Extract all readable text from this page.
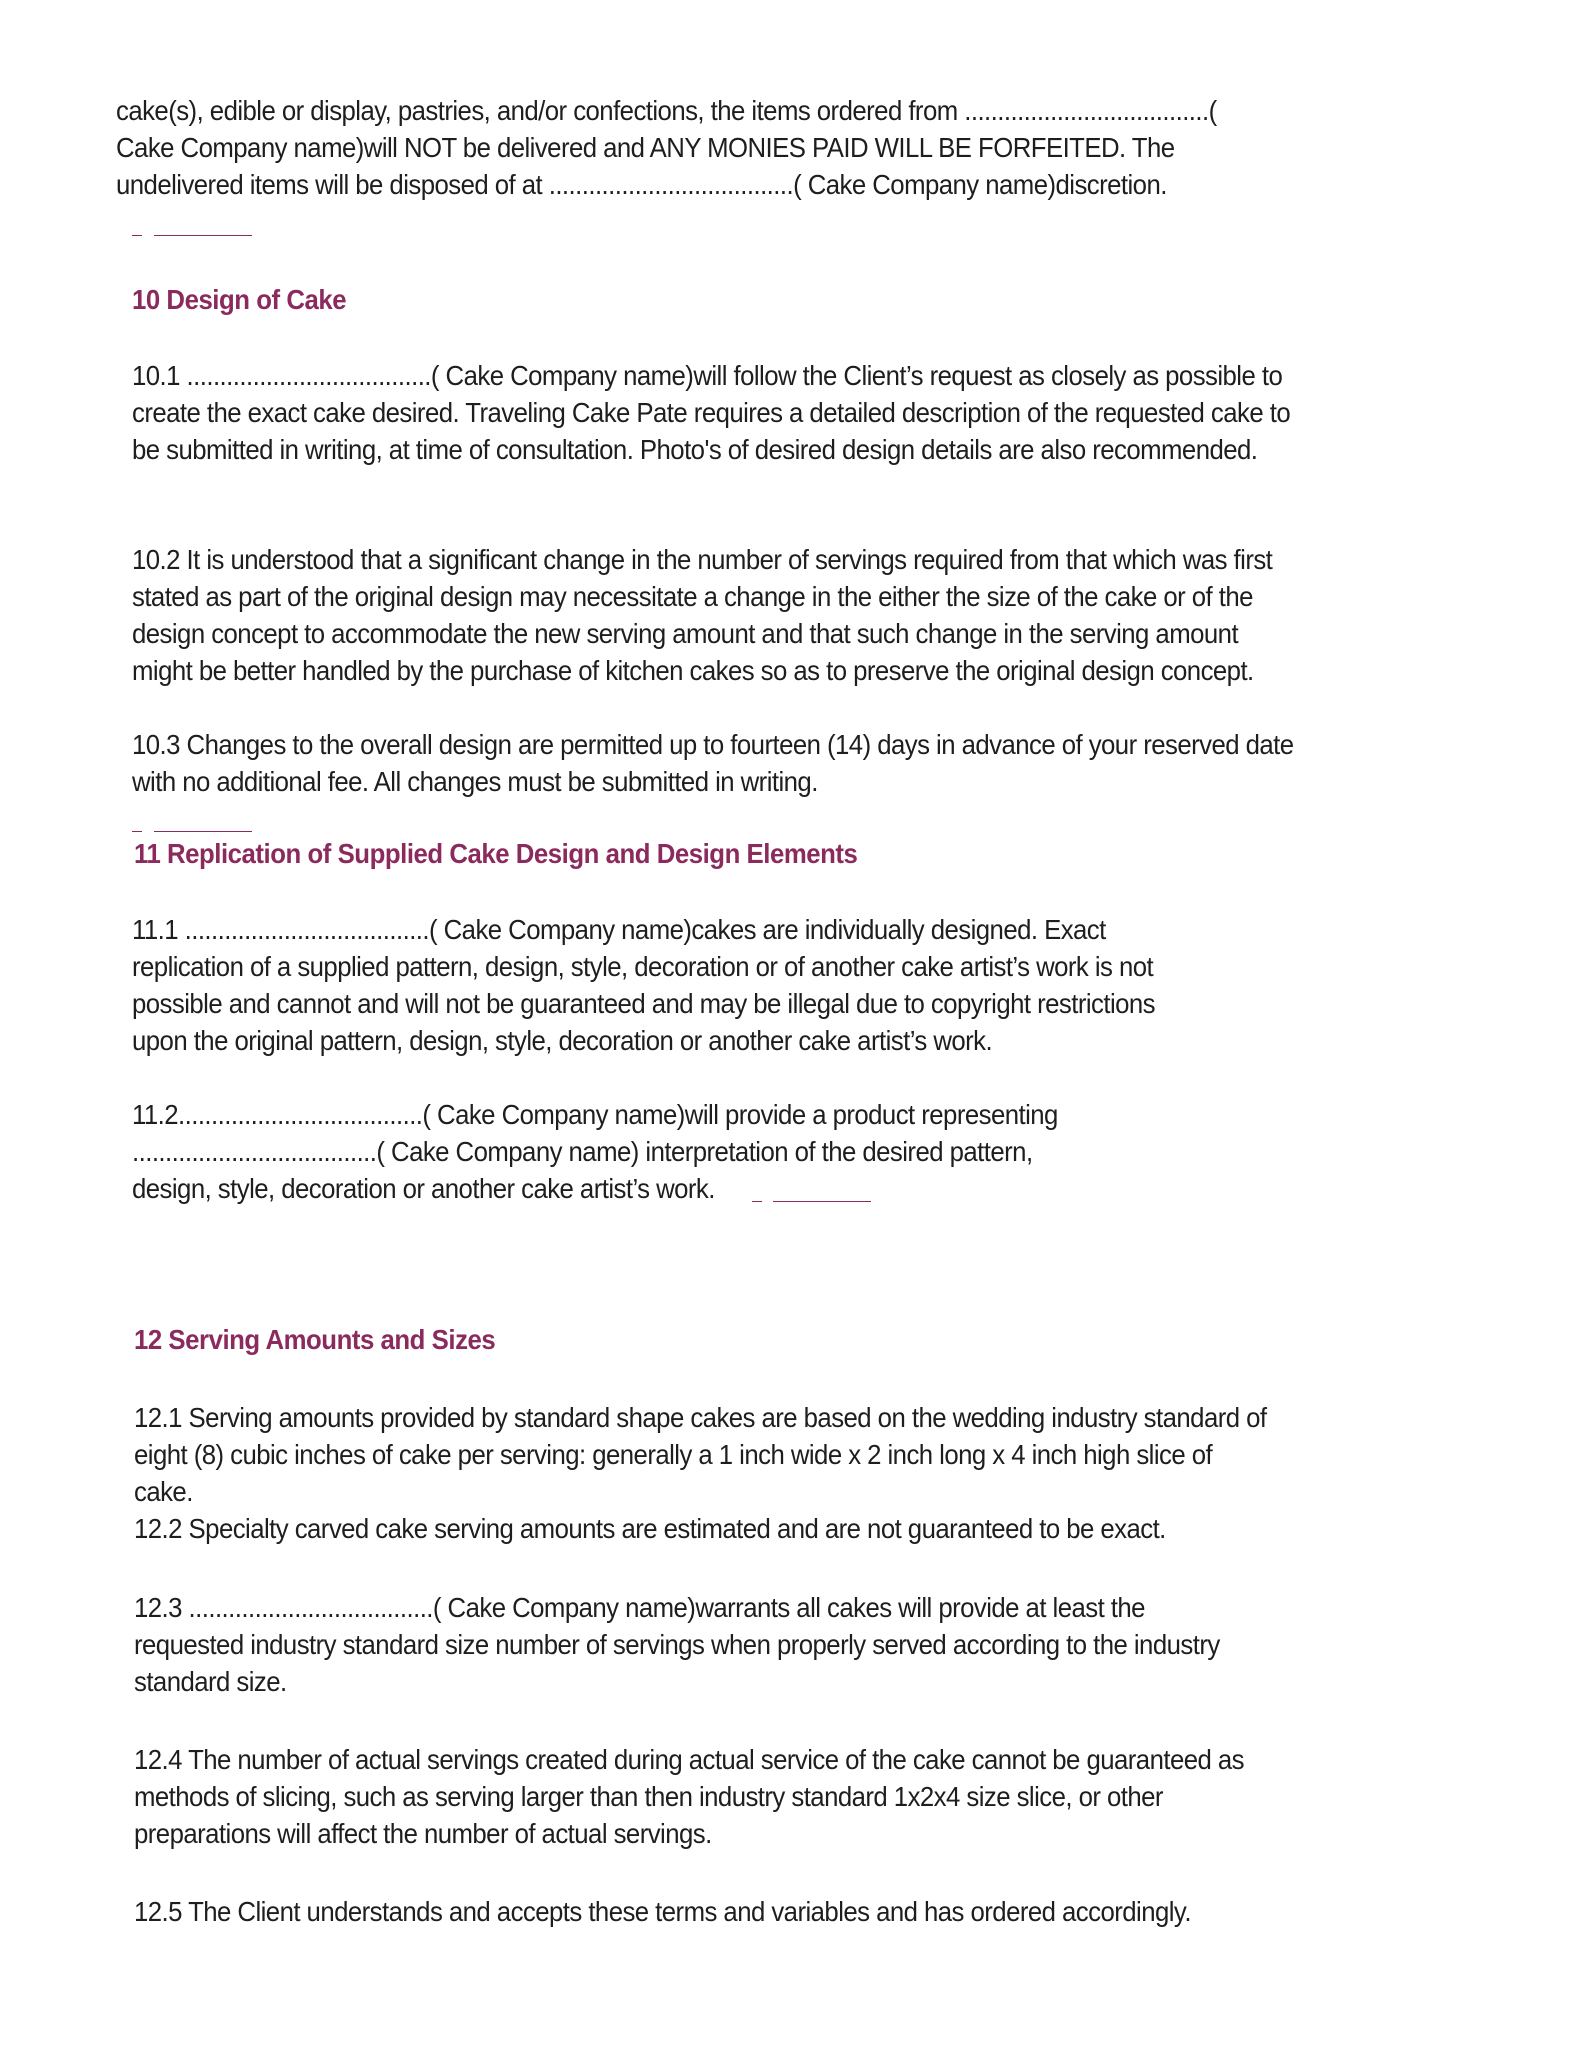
cake(s), edible or display, pastries, and/or confections, the items ordered from .....................................(
Cake Company name)will NOT be delivered and ANY MONIES PAID WILL BE FORFEITED. The
undelivered items will be disposed of at .....................................( Cake Company name)discretion.

10 Design of Cake

10.1 .....................................( Cake Company name)will follow the Client’s request as closely as possible to
create the exact cake desired. Traveling Cake Pate requires a detailed description of the requested cake to
be submitted in writing, at time of consultation. Photo's of desired design details are also recommended.

10.2 It is understood that a significant change in the number of servings required from that which was first
stated as part of the original design may necessitate a change in the either the size of the cake or of the
design concept to accommodate the new serving amount and that such change in the serving amount
might be better handled by the purchase of kitchen cakes so as to preserve the original design concept.

10.3 Changes to the overall design are permitted up to fourteen (14) days in advance of your reserved date
with no additional fee. All changes must be submitted in writing.

11 Replication of Supplied Cake Design and Design Elements

11.1 .....................................( Cake Company name)cakes are individually designed. Exact
replication of a supplied pattern, design, style, decoration or of another cake artist’s work is not
possible and cannot and will not be guaranteed and may be illegal due to copyright restrictions
upon the original pattern, design, style, decoration or another cake artist’s work.

11.2.....................................( Cake Company name)will provide a product representing
.....................................( Cake Company name) interpretation of the desired pattern,
design, style, decoration or another cake artist’s work.

12 Serving Amounts and Sizes

12.1 Serving amounts provided by standard shape cakes are based on the wedding industry standard of
eight (8) cubic inches of cake per serving: generally a 1 inch wide x 2 inch long x 4 inch high slice of
cake.
12.2 Specialty carved cake serving amounts are estimated and are not guaranteed to be exact.

12.3 .....................................( Cake Company name)warrants all cakes will provide at least the
requested industry standard size number of servings when properly served according to the industry
standard size.

12.4 The number of actual servings created during actual service of the cake cannot be guaranteed as
methods of slicing, such as serving larger than then industry standard 1x2x4 size slice, or other
preparations will affect the number of actual servings.

12.5 The Client understands and accepts these terms and variables and has ordered accordingly.
